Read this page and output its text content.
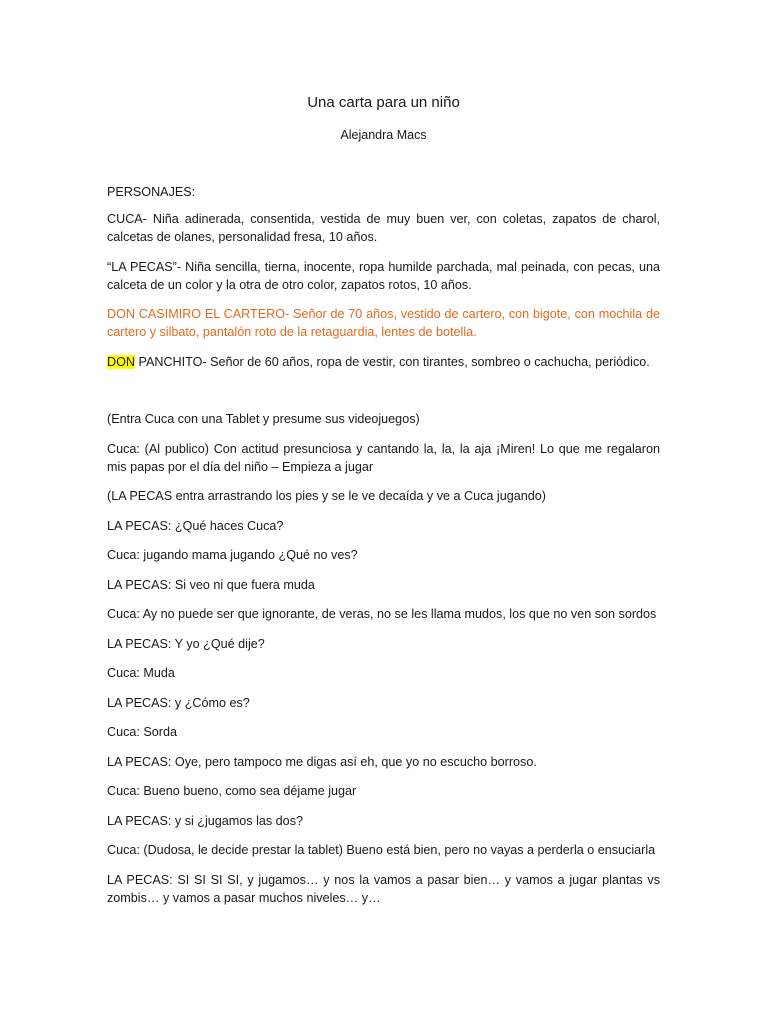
Una carta para un niño
Alejandra Macs

PERSONAJES:

CUCA- Niña adinerada, consentida, vestida de muy buen ver, con coletas, zapatos de charol, calcetas de olanes, personalidad fresa, 10 años.

“LA PECAS”- Niña sencilla, tierna, inocente, ropa humilde parchada, mal peinada, con pecas, una calceta de un color y la otra de otro color, zapatos rotos, 10 años.

DON CASIMIRO EL CARTERO- Señor de 70 años, vestido de cartero, con bigote, con mochila de cartero y silbato, pantalón roto de la retaguardia, lentes de botella.

DON PANCHITO- Señor de 60 años, ropa de vestir, con tirantes, sombreo o cachucha, periódico.

(Entra Cuca con una Tablet y presume sus videojuegos)

Cuca: (Al publico) Con actitud presunciosa y cantando la, la, la aja ¡Miren! Lo que me regalaron mis papas por el día del niño – Empieza a jugar

(LA PECAS entra arrastrando los pies y se le ve decaída y ve a Cuca jugando)

LA PECAS: ¿Qué haces Cuca?

Cuca: jugando mama jugando ¿Qué no ves?

LA PECAS: Si veo ni que fuera muda

Cuca: Ay no puede ser que ignorante, de veras, no se les llama mudos, los que no ven son sordos

LA PECAS: Y yo ¿Qué dije?

Cuca: Muda

LA PECAS: y ¿Cómo es?

Cuca: Sorda

LA PECAS: Oye, pero tampoco me digas así eh, que yo no escucho borroso.

Cuca: Bueno bueno, como sea déjame jugar

LA PECAS: y si ¿jugamos las dos?

Cuca: (Dudosa, le decide prestar la tablet) Bueno está bien, pero no vayas a perderla o ensuciarla

LA PECAS: SI SI SI SI, y jugamos… y nos la vamos a pasar bien… y vamos a jugar plantas vs zombis… y vamos a pasar muchos niveles… y…
